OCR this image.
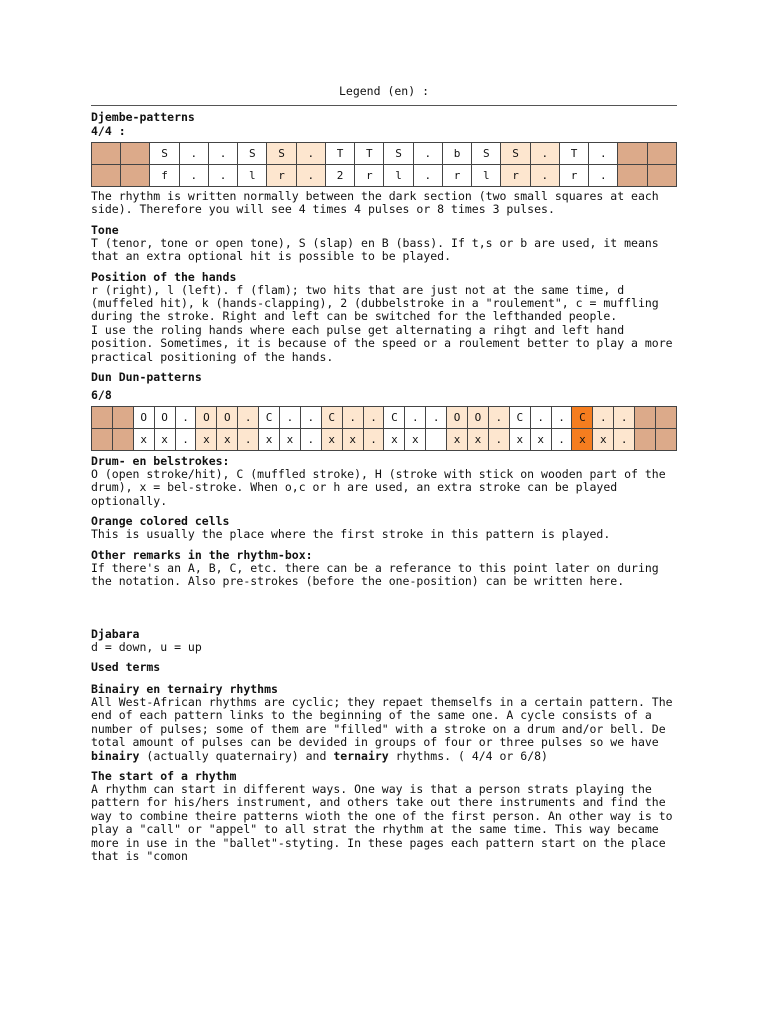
Legend (en) :
Djembe-patterns
4/4 :
		S	.	.	S	S	.	T	T	S	.	b	S	S	.	T	.		
		f	.	.	l	r	.	2	r	l	.	r	l	r	.	r	.		
The rhythm is written normally between the dark section (two small squares at each side). Therefore you will see 4 times 4 pulses or 8 times 3 pulses.
Tone
T (tenor, tone or open tone), S (slap) en B (bass). If t,s or b are used, it means that an extra optional hit is possible to be played.
Position of the hands
r (right), l (left). f (flam); two hits that are just not at the same time, d (muffeled hit), k (hands-clapping), 2 (dubbelstroke in a "roulement", c = muffling during the stroke. Right and left can be switched for the lefthanded people.
I use the roling hands where each pulse get alternating a rihgt and left hand position. Sometimes, it is because of the speed or a roulement better to play a more practical positioning of the hands.
Dun Dun-patterns
6/8
		O	O	.	O	O	.	C	.	.	C	.	.	C	.	.	O	O	.	C	.	.	C	.	.		
		x	x	.	x	x	.	x	x	.	x	x	.	x	x		x	x	.	x	x	.	x	x	.		
Drum- en belstrokes:
O (open stroke/hit), C (muffled stroke), H (stroke with stick on wooden part of the drum), x = bel-stroke. When o,c or h are used, an extra stroke can be played optionally.
Orange colored cells
This is usually the place where the first stroke in this pattern is played.
Other remarks in the rhythm-box:
If there's an A, B, C, etc. there can be a referance to this point later on during the notation. Also pre-strokes (before the one-position) can be written here.
Djabara
d = down, u = up
Used terms
Binairy en ternairy rhythms
All West-African rhythms are cyclic; they repaet themselfs in a certain pattern. The end of each pattern links to the beginning of the same one. A cycle consists of a number of pulses; some of them are "filled" with a stroke on a drum and/or bell. De total amount of pulses can be devided in groups of four or three pulses so we have binairy (actually quaternairy) and ternairy rhythms. ( 4/4 or 6/8)
The start of a rhythm
A rhythm can start in different ways. One way is that a person strats playing the pattern for his/hers instrument, and others take out there instruments and find the way to combine theire patterns wioth the one of the first person. An other way is to play a "call" or "appel" to all strat the rhythm at the same time. This way became more in use in the "ballet"-styting. In these pages each pattern start on the place that is "comon
